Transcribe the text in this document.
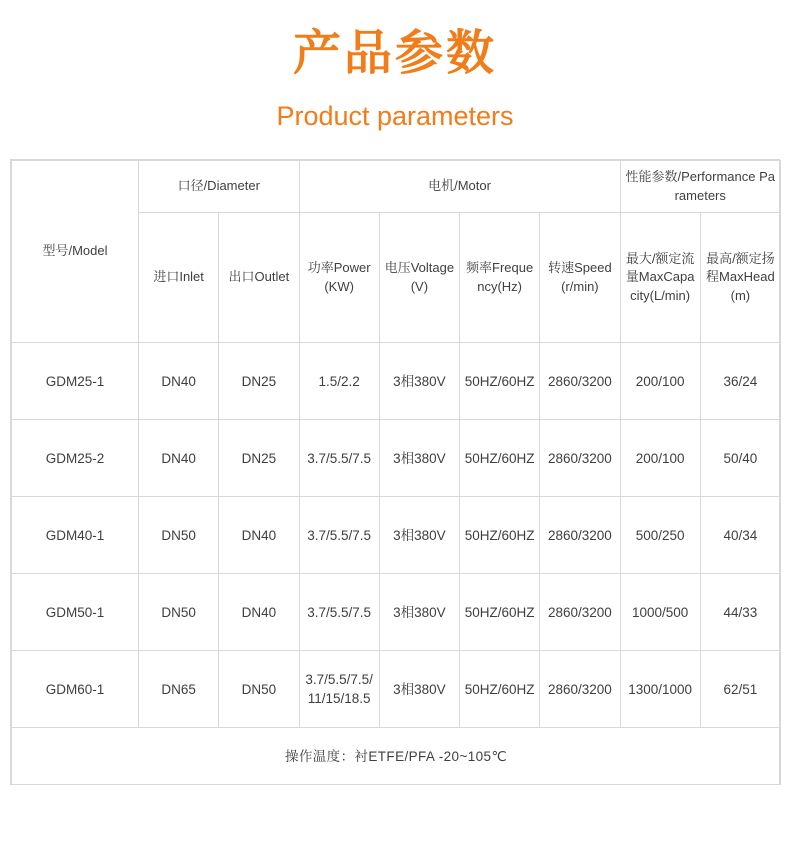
产品参数
Product parameters
型号/Model	口径/Diameter		电机/Motor				性能参数/Performance Parameters	
	进口Inlet	出口Outlet	功率Power(KW)	电压Voltage(V)	频率Frequency(Hz)	转速Speed(r/min)	最大/额定流量MaxCapacity(L/min)	最高/额定扬程MaxHead(m)
GDM25-1	DN40	DN25	1.5/2.2	3相380V	50HZ/60HZ	2860/3200	200/100	36/24
GDM25-2	DN40	DN25	3.7/5.5/7.5	3相380V	50HZ/60HZ	2860/3200	200/100	50/40
GDM40-1	DN50	DN40	3.7/5.5/7.5	3相380V	50HZ/60HZ	2860/3200	500/250	40/34
GDM50-1	DN50	DN40	3.7/5.5/7.5	3相380V	50HZ/60HZ	2860/3200	1000/500	44/33
GDM60-1	DN65	DN50	3.7/5.5/7.5/11/15/18.5	3相380V	50HZ/60HZ	2860/3200	1300/1000	62/51
操作温度：衬ETFE/PFA -20~105℃								
